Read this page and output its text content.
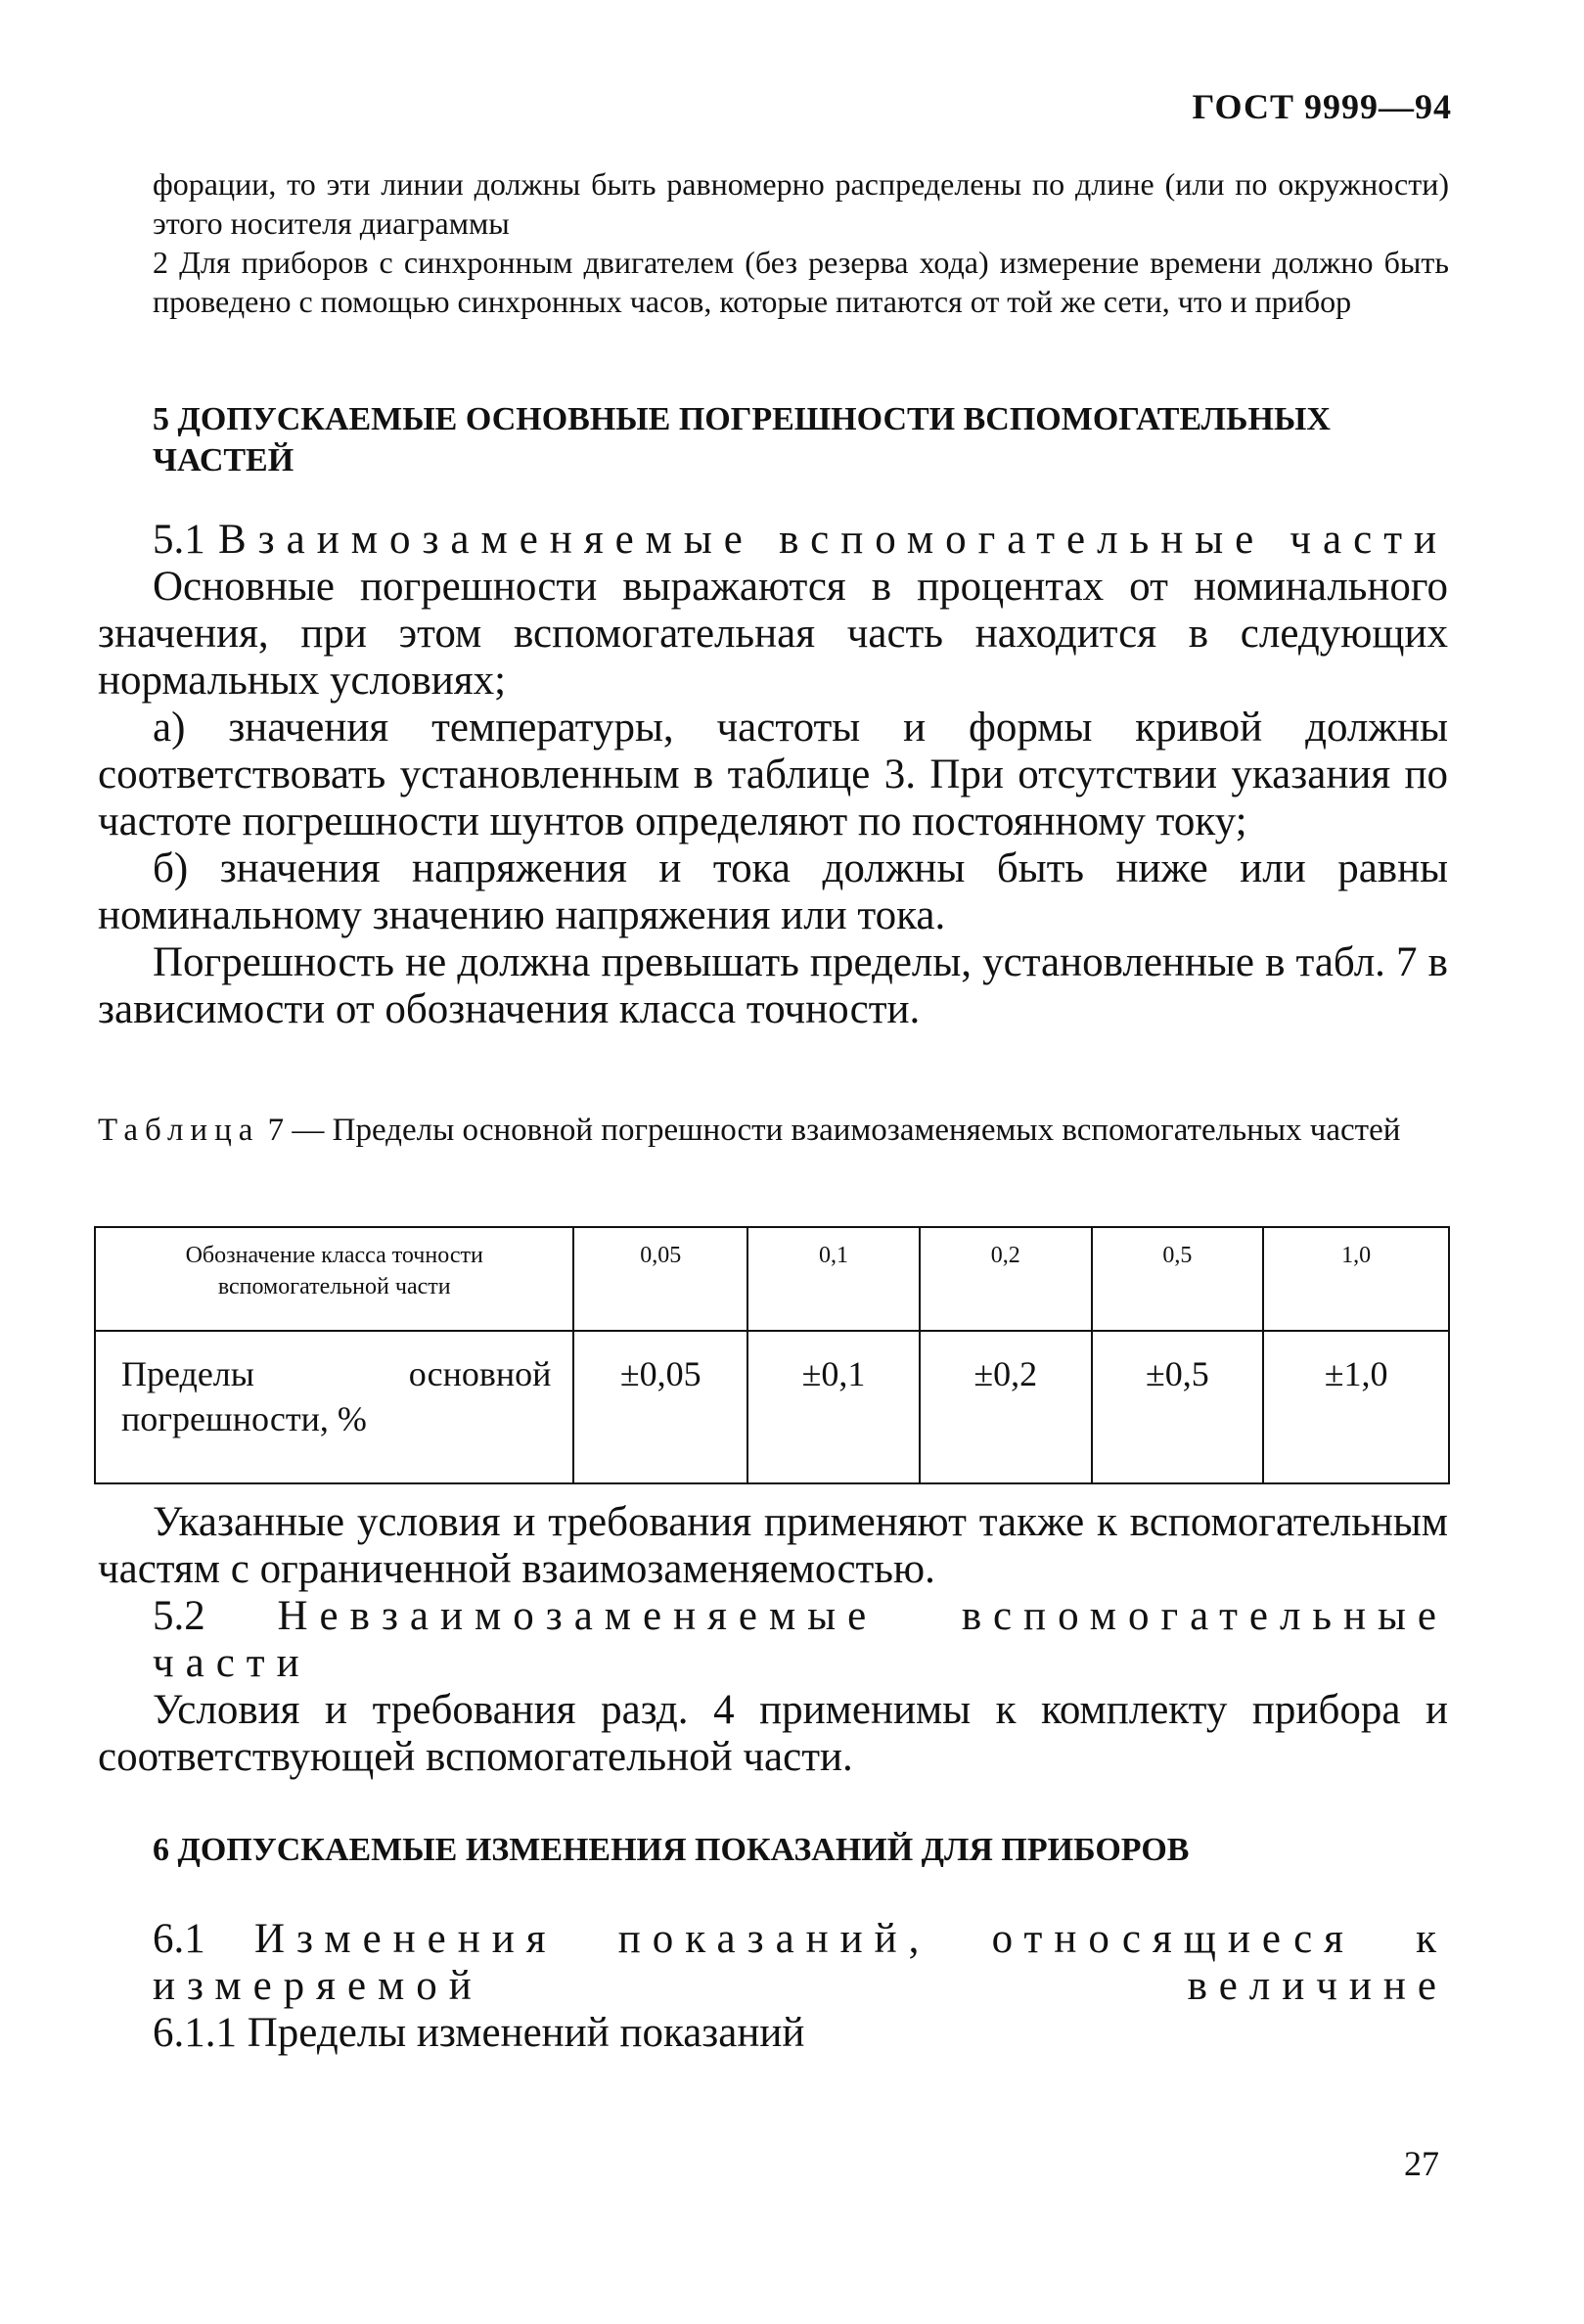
ГОСТ 9999—94

форации, то эти линии должны быть равномерно распределены по длине (или по окружности) этого носителя диаграммы

2 Для приборов с синхронным двигателем (без резерва хода) измерение времени должно быть проведено с помощью синхронных часов, которые питаются от той же сети, что и прибор

5 ДОПУСКАЕМЫЕ ОСНОВНЫЕ ПОГРЕШНОСТИ ВСПОМОГАТЕЛЬНЫХ ЧАСТЕЙ

5.1 Взаимозаменяемые вспомогательные части

Основные погрешности выражаются в процентах от номинального значения, при этом вспомогательная часть находится в следующих нормальных условиях;

а) значения температуры, частоты и формы кривой должны соответствовать установленным в таблице 3. При отсутствии указания по частоте погрешности шунтов определяют по постоянному току;

б) значения напряжения и тока должны быть ниже или равны номинальному значению напряжения или тока.

Погрешность не должна превышать пределы, установленные в табл. 7 в зависимости от обозначения класса точности.

Таблица 7 — Пределы основной погрешности взаимозаменяемых вспомогательных частей
Обозначение класса точности вспомогательной части	0,05	0,1	0,2	0,5	1,0
Пределы основной погрешности, %	±0,05	±0,1	±0,2	±0,5	±1,0

Указанные условия и требования применяют также к вспомогательным частям с ограниченной взаимозаменяемостью.

5.2 Невзаимозаменяемые вспомогательные части

Условия и требования разд. 4 применимы к комплекту прибора и соответствующей вспомогательной части.

6 ДОПУСКАЕМЫЕ ИЗМЕНЕНИЯ ПОКАЗАНИЙ ДЛЯ ПРИБОРОВ

6.1 Изменения показаний, относящиеся к измеряемой величине

6.1.1 Пределы изменений показаний

27
